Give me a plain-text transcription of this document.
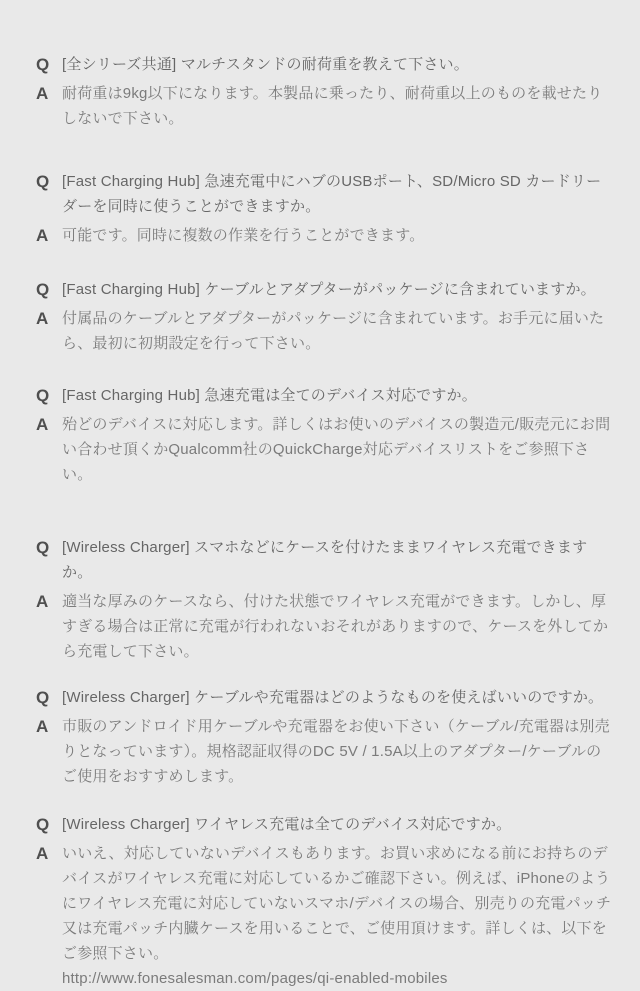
Q [全シリーズ共通] マルチスタンドの耐荷重を教えて下さい。

A 耐荷重は9kg以下になります。本製品に乗ったり、耐荷重以上のものを載せたりしないで下さい。

Q [Fast Charging Hub] 急速充電中にハブのUSBポート、SD/Micro SD カードリーダーを同時に使うことができますか。

A 可能です。同時に複数の作業を行うことができます。

Q [Fast Charging Hub] ケーブルとアダプターがパッケージに含まれていますか。

A 付属品のケーブルとアダプターがパッケージに含まれています。お手元に届いたら、最初に初期設定を行って下さい。

Q [Fast Charging Hub] 急速充電は全てのデバイス対応ですか。

A 殆どのデバイスに対応します。詳しくはお使いのデバイスの製造元/販売元にお問い合わせ頂くかQualcomm社のQuickCharge対応デバイスリストをご参照下さい。

Q [Wireless Charger] スマホなどにケースを付けたままワイヤレス充電できますか。

A 適当な厚みのケースなら、付けた状態でワイヤレス充電ができます。しかし、厚すぎる場合は正常に充電が行われないおそれがありますので、ケースを外してから充電して下さい。

Q [Wireless Charger] ケーブルや充電器はどのようなものを使えばいいのですか。

A 市販のアンドロイド用ケーブルや充電器をお使い下さい（ケーブル/充電器は別売りとなっています）。規格認証収得のDC 5V / 1.5A以上のアダプター/ケーブルのご使用をおすすめします。

Q [Wireless Charger] ワイヤレス充電は全てのデバイス対応ですか。

A いいえ、対応していないデバイスもあります。お買い求めになる前にお持ちのデバイスがワイヤレス充電に対応しているかご確認下さい。例えば、iPhoneのようにワイヤレス充電に対応していないスマホ/デバイスの場合、別売りの充電パッチ又は充電パッチ内臓ケースを用いることで、ご使用頂けます。詳しくは、以下をご参照下さい。
http://www.fonesalesman.com/pages/qi-enabled-mobiles
